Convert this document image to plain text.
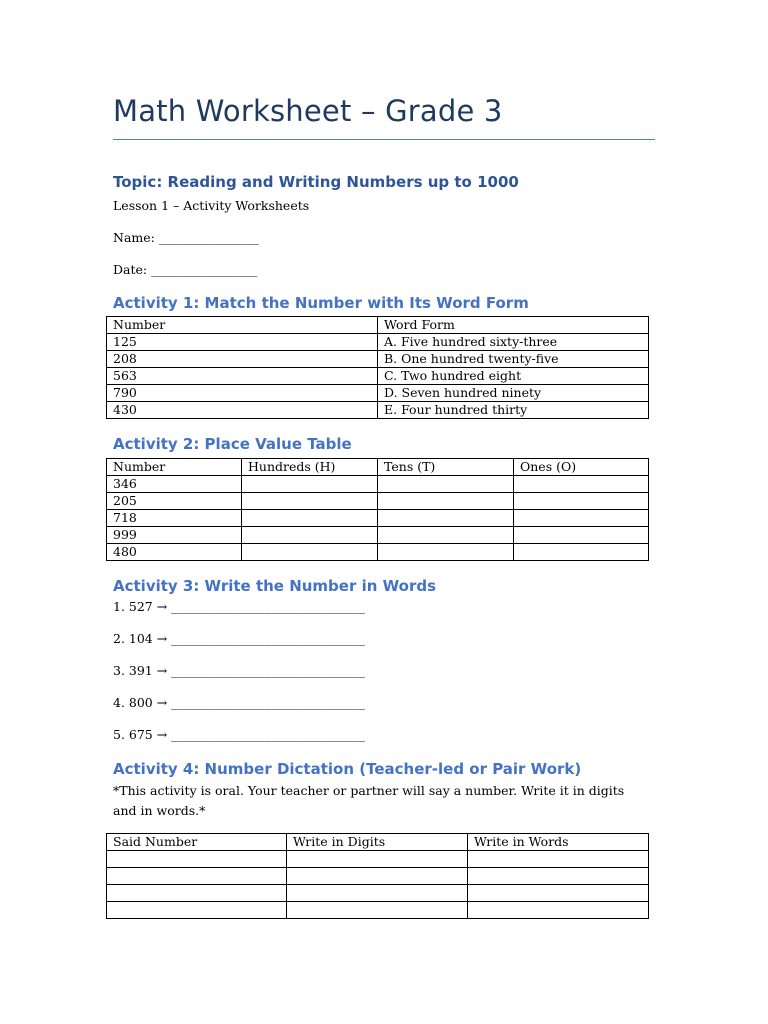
Math Worksheet – Grade 3
Topic: Reading and Writing Numbers up to 1000

Lesson 1 – Activity Worksheets

Name: ________________

Date: _________________

Activity 1: Match the Number with Its Word Form
Number	Word Form
125	A. Five hundred sixty-three
208	B. One hundred twenty-five
563	C. Two hundred eight
790	D. Seven hundred ninety
430	E. Four hundred thirty
Activity 2: Place Value Table
Number	Hundreds (H)	Tens (T)	Ones (O)
346			
205			
718			
999			
480			
Activity 3: Write the Number in Words

1. 527 → _______________________________

2. 104 → _______________________________

3. 391 → _______________________________

4. 800 → _______________________________

5. 675 → _______________________________

Activity 4: Number Dictation (Teacher-led or Pair Work)

*This activity is oral. Your teacher or partner will say a number. Write it in digits and in words.*

Said Number	Write in Digits	Write in Words
